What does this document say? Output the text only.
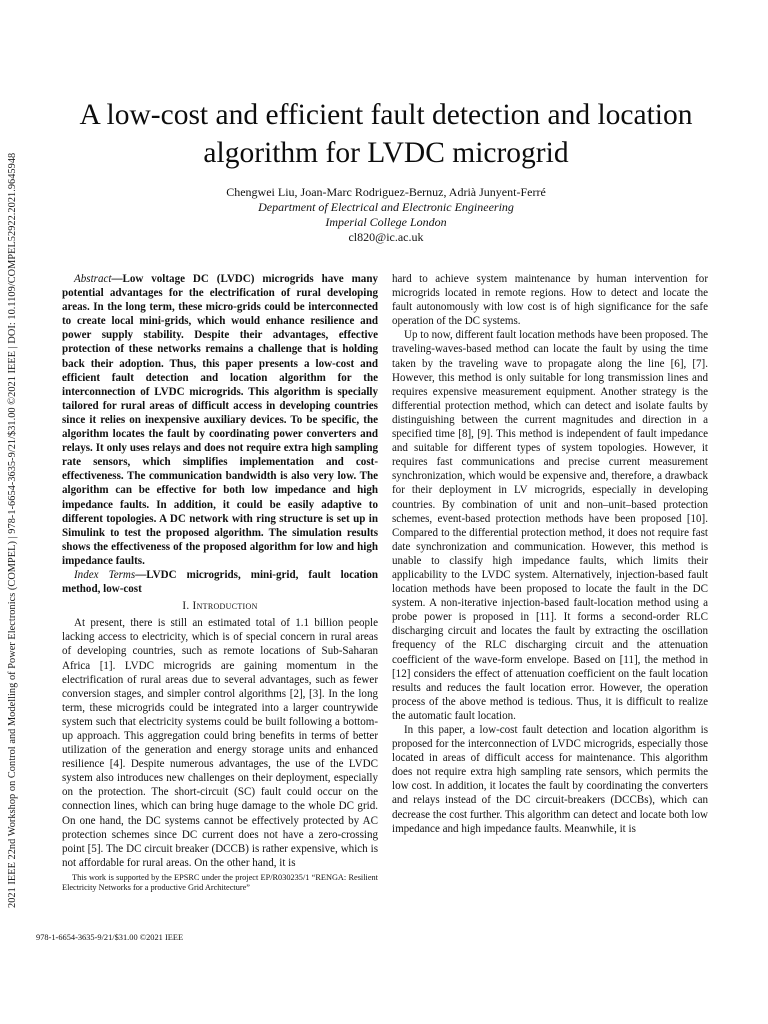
2021 IEEE 22nd Workshop on Control and Modelling of Power Electronics (COMPEL) | 978-1-6654-3635-9/21/$31.00 ©2021 IEEE | DOI: 10.1109/COMPEL52922.2021.9645948
A low-cost and efficient fault detection and location algorithm for LVDC microgrid
Chengwei Liu, Joan-Marc Rodriguez-Bernuz, Adrià Junyent-Ferré
Department of Electrical and Electronic Engineering
Imperial College London
cl820@ic.ac.uk

Abstract—Low voltage DC (LVDC) microgrids have many potential advantages for the electrification of rural developing areas. In the long term, these micro-grids could be interconnected to create local mini-grids, which would enhance resilience and power supply stability. Despite their advantages, effective protection of these networks remains a challenge that is holding back their adoption. Thus, this paper presents a low-cost and efficient fault detection and location algorithm for the interconnection of LVDC microgrids. This algorithm is specially tailored for rural areas of difficult access in developing countries since it relies on inexpensive auxiliary devices. To be specific, the algorithm locates the fault by coordinating power converters and relays. It only uses relays and does not require extra high sampling rate sensors, which simplifies implementation and cost-effectiveness. The communication bandwidth is also very low. The algorithm can be effective for both low impedance and high impedance faults. In addition, it could be easily adaptive to different topologies. A DC network with ring structure is set up in Simulink to test the proposed algorithm. The simulation results shows the effectiveness of the proposed algorithm for low and high impedance faults.

Index Terms—LVDC microgrids, mini-grid, fault location method, low-cost

I. Introduction

At present, there is still an estimated total of 1.1 billion people lacking access to electricity, which is of special concern in rural areas of developing countries, such as remote locations of Sub-Saharan Africa [1]. LVDC microgrids are gaining momentum in the electrification of rural areas due to several advantages, such as fewer conversion stages, and simpler control algorithms [2], [3]. In the long term, these microgrids could be integrated into a larger countrywide system such that electricity systems could be built following a bottom-up approach. This aggregation could bring benefits in terms of better utilization of the generation and energy storage units and enhanced resilience [4]. Despite numerous advantages, the use of the LVDC system also introduces new challenges on their deployment, especially on the protection. The short-circuit (SC) fault could occur on the connection lines, which can bring huge damage to the whole DC grid. On one hand, the DC systems cannot be effectively protected by AC protection schemes since DC current does not have a zero-crossing point [5]. The DC circuit breaker (DCCB) is rather expensive, which is not affordable for rural areas. On the other hand, it is

hard to achieve system maintenance by human intervention for microgrids located in remote regions. How to detect and locate the fault autonomously with low cost is of high significance for the safe operation of the DC systems.

Up to now, different fault location methods have been proposed. The traveling-waves-based method can locate the fault by using the time taken by the traveling wave to propagate along the line [6], [7]. However, this method is only suitable for long transmission lines and requires expensive measurement equipment. Another strategy is the differential protection method, which can detect and isolate faults by distinguishing between the current magnitudes and direction in a specified time [8], [9]. This method is independent of fault impedance and suitable for different types of system topologies. However, it requires fast communications and precise current measurement synchronization, which would be expensive and, therefore, a drawback for their deployment in LV microgrids, especially in developing countries. By combination of unit and non–unit–based protection schemes, event-based protection methods have been proposed [10]. Compared to the differential protection method, it does not require fast date synchronization and communication. However, this method is unable to classify high impedance faults, which limits their applicability to the LVDC system. Alternatively, injection-based fault location methods have been proposed to locate the fault in the DC system. A non-iterative injection-based fault-location method using a probe power is proposed in [11]. It forms a second-order RLC discharging circuit and locates the fault by extracting the oscillation frequency of the RLC discharging circuit and the attenuation coefficient of the wave-form envelope. Based on [11], the method in [12] considers the effect of attenuation coefficient on the fault location results and reduces the fault location error. However, the operation process of the above method is tedious. Thus, it is difficult to realize the automatic fault location.

In this paper, a low-cost fault detection and location algorithm is proposed for the interconnection of LVDC microgrids, especially those located in areas of difficult access for maintenance. This algorithm does not require extra high sampling rate sensors, which permits the low cost. In addition, it locates the fault by coordinating the converters and relays instead of the DC circuit-breakers (DCCBs), which can decrease the cost further. This algorithm can detect and locate both low impedance and high impedance faults. Meanwhile, it is

This work is supported by the EPSRC under the project EP/R030235/1 “RENGA: Resilient Electricity Networks for a productive Grid Architecture”
978-1-6654-3635-9/21/$31.00 ©2021 IEEE
